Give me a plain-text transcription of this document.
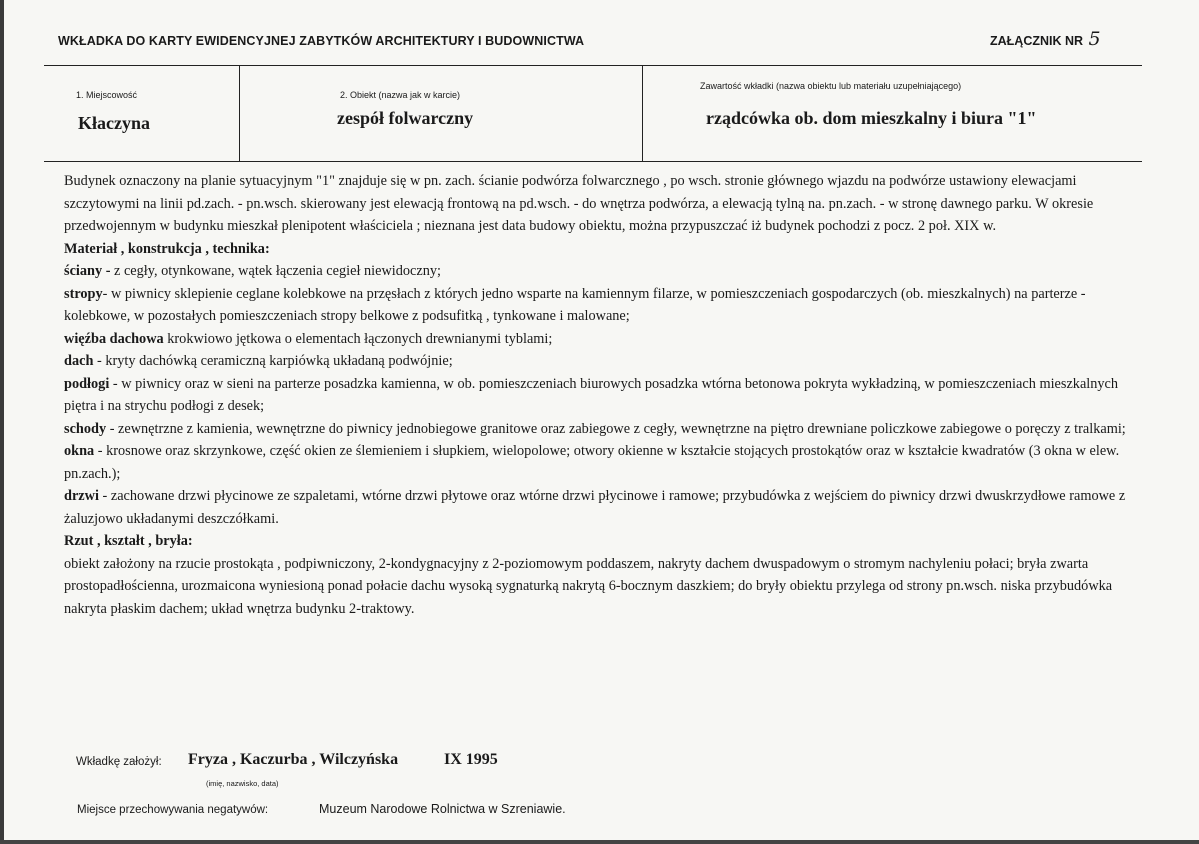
WKŁADKA DO KARTY EWIDENCYJNEJ ZABYTKÓW ARCHITEKTURY I BUDOWNICTWA	ZAŁĄCZNIK NR 5
1. Miejscowość
Kłaczyna
2. Obiekt (nazwa jak w karcie)
zespół folwarczny
Zawartość wkładki (nazwa obiektu lub materiału uzupełniającego)
rządcówka ob. dom mieszkalny i biura "1"

Budynek oznaczony na planie sytuacyjnym "1" znajduje się w pn. zach. ścianie podwórza folwarcznego , po wsch. stronie głównego wjazdu na podwórze ustawiony elewacjami szczytowymi na linii pd.zach. - pn.wsch. skierowany jest elewacją frontową na pd.wsch. - do wnętrza podwórza, a elewacją tylną na. pn.zach. - w stronę dawnego parku. W okresie przedwojennym w budynku mieszkał plenipotent właściciela ; nieznana jest data budowy obiektu, można przypuszczać iż budynek pochodzi z pocz. 2 poł. XIX w.

Materiał , konstrukcja , technika:

ściany - z cegły, otynkowane, wątek łączenia cegieł niewidoczny;

stropy- w piwnicy sklepienie ceglane kolebkowe na przęsłach z których jedno wsparte na kamiennym filarze, w pomieszczeniach gospodarczych (ob. mieszkalnych) na parterze - kolebkowe, w pozostałych pomieszczeniach stropy belkowe z podsufitką , tynkowane i malowane;

więźba dachowa krokwiowo jętkowa o elementach łączonych drewnianymi tyblami;

dach - kryty dachówką ceramiczną karpiówką układaną podwójnie;

podłogi - w piwnicy oraz w sieni na parterze posadzka kamienna, w ob. pomieszczeniach biurowych posadzka wtórna betonowa pokryta wykładziną, w pomieszczeniach mieszkalnych piętra i na strychu podłogi z desek;

schody - zewnętrzne z kamienia, wewnętrzne do piwnicy jednobiegowe granitowe oraz zabiegowe z cegły, wewnętrzne na piętro drewniane policzkowe zabiegowe o poręczy z tralkami;

okna - krosnowe oraz skrzynkowe, część okien ze ślemieniem i słupkiem, wielopolowe; otwory okienne w kształcie stojących prostokątów oraz w kształcie kwadratów (3 okna w elew. pn.zach.);

drzwi - zachowane drzwi płycinowe ze szpaletami, wtórne drzwi płytowe oraz wtórne drzwi płycinowe i ramowe; przybudówka z wejściem do piwnicy drzwi dwuskrzydłowe ramowe z żaluzjowo układanymi deszczółkami.

Rzut , kształt , bryła:

obiekt założony na rzucie prostokąta , podpiwniczony, 2-kondygnacyjny z 2-poziomowym poddaszem, nakryty dachem dwuspadowym o stromym nachyleniu połaci; bryła zwarta prostopadłościenna, urozmaicona wyniesioną ponad połacie dachu wysoką sygnaturką nakrytą 6-bocznym daszkiem; do bryły obiektu przylega od strony pn.wsch. niska przybudówka nakryta płaskim dachem; układ wnętrza budynku 2-traktowy.

Wkładkę założył: Fryza , Kaczurba , Wilczyńska	IX 1995
(imię, nazwisko, data)
Miejsce przechowywania negatywów:	Muzeum Narodowe Rolnictwa w Szreniawie.
